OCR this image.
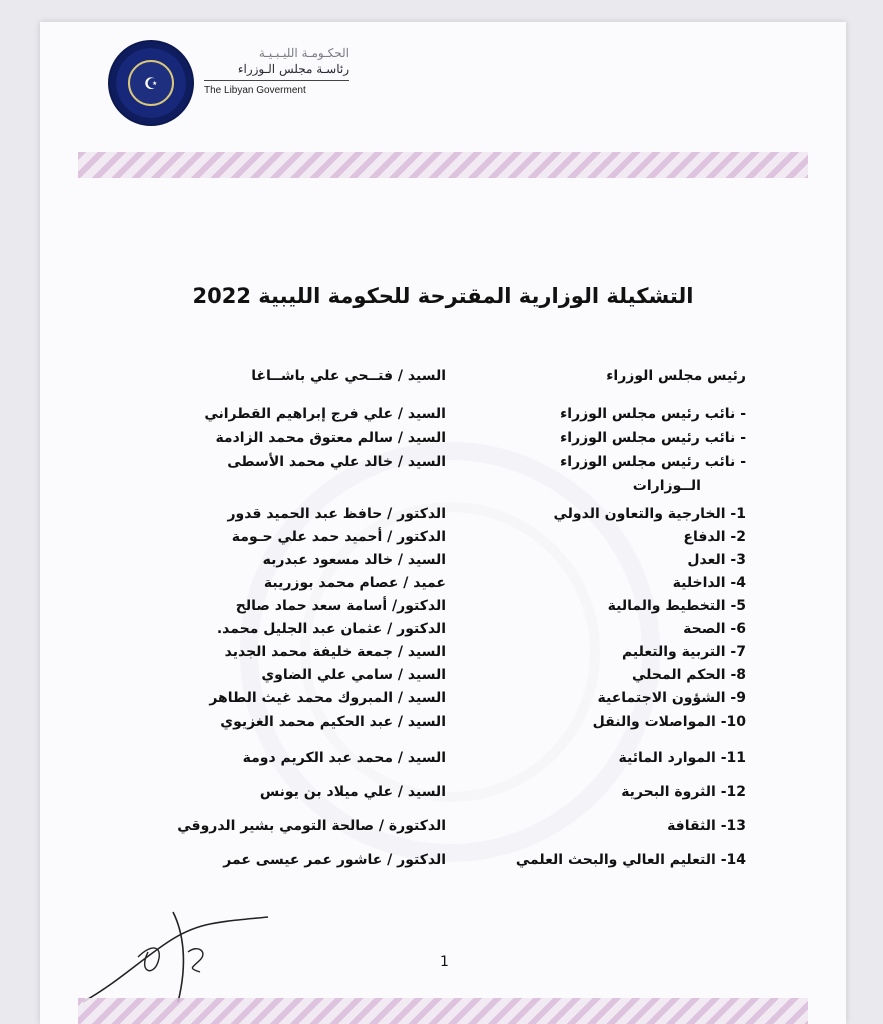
☪
الحكـومـة الليـبـيـة
رئاسـة مجلس الـوزراء
The Libyan Goverment
التشكيلة الوزارية المقترحة للحكومة الليبية 2022
رئيس مجلس الوزراء
السيد / فتــحي علي باشــاغا
- نائب رئيس مجلس الوزراء
السيد / علي فرج إبراهيم القطراني
- نائب رئيس مجلس الوزراء
السيد / سالم معتوق محمد الزادمة
- نائب رئيس مجلس الوزراء
السيد / خالد علي محمد الأسطى
الــوزارات
1- الخارجية والتعاون الدولي
الدكتور / حافظ عبد الحميد قدور
2- الدفاع
الدكتور / أحميد حمد علي حـومة
3- العدل
السيد / خالد مسعود عبدربه
4- الداخلية
عميد / عصام محمد بوزريبة
5- التخطيط والمالية
الدكتور/ أسامة سعد حماد صالح
6- الصحة
الدكتور / عثمان عبد الجليل محمد.
7- التربية والتعليم
السيد / جمعة خليفة محمد الجديد
8- الحكم المحلي
السيد / سامي علي الضاوي
9- الشؤون الاجتماعية
السيد / المبروك محمد غيث الطاهر
10- المواصلات والنقل
السيد / عبد الحكيم محمد الغزيوي
11- الموارد المائية
السيد / محمد عبد الكريم دومة
12- الثروة البحرية
السيد / علي ميلاد بن يونس
13- الثقافة
الدكتورة / صالحة التومي بشير الدروقي
14- التعليم العالي والبحث العلمي
الدكتور / عاشور عمر عيسى عمر
1
